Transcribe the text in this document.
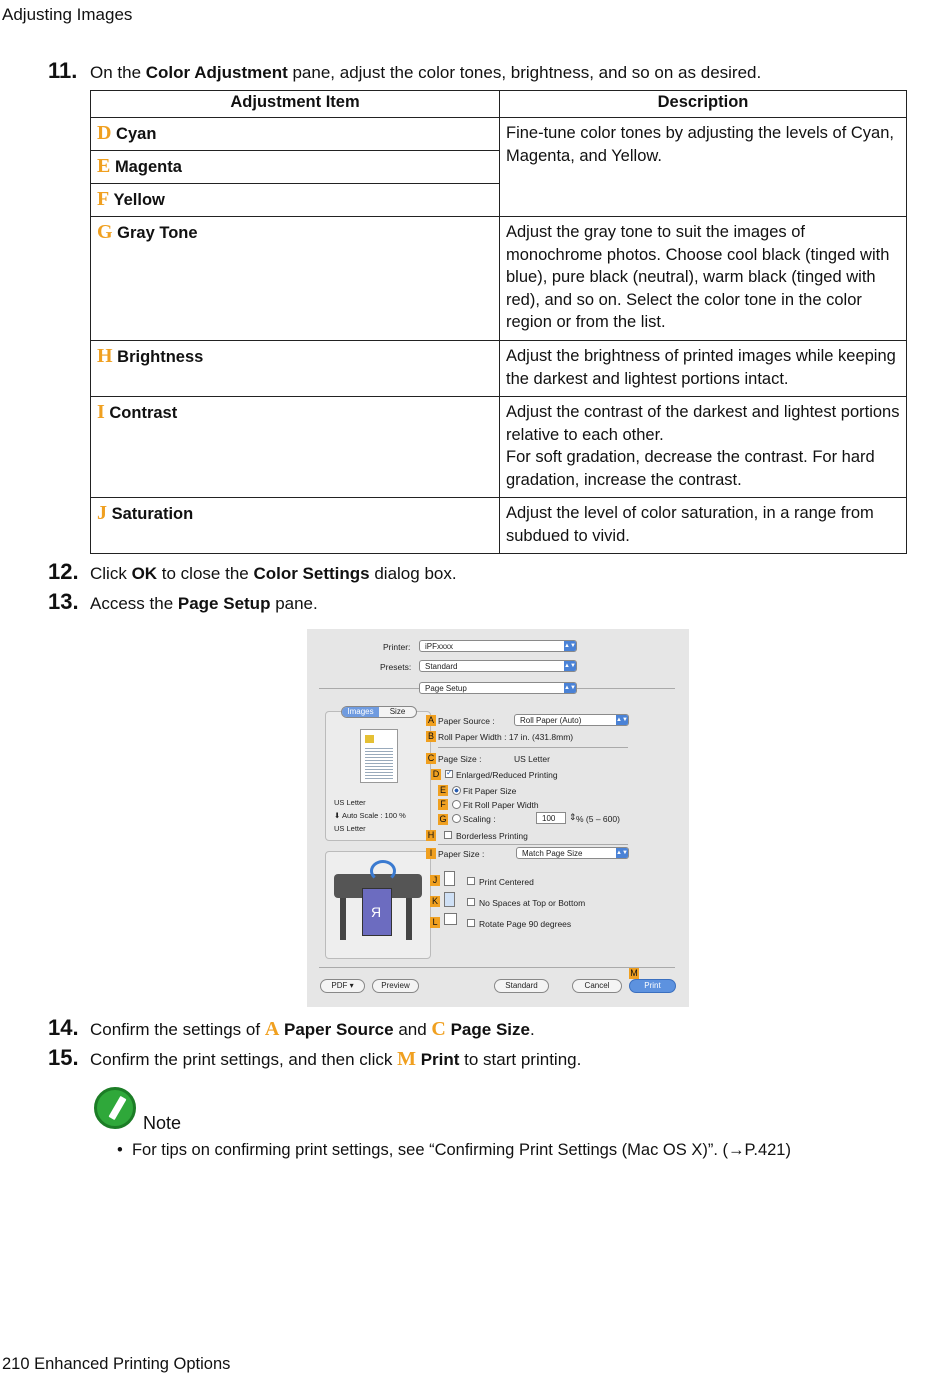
Adjusting Images
11. On the Color Adjustment pane, adjust the color tones, brightness, and so on as desired.
Adjustment Item	Description
D Cyan	Fine-tune color tones by adjusting the levels of Cyan, Magenta, and Yellow.
E Magenta	
F Yellow	
G Gray Tone	Adjust the gray tone to suit the images of monochrome photos. Choose cool black (tinged with blue), pure black (neutral), warm black (tinged with red), and so on. Select the color tone in the color region or from the list.
H Brightness	Adjust the brightness of printed images while keeping the darkest and lightest portions intact.
I Contrast	Adjust the contrast of the darkest and lightest portions relative to each other.
For soft gradation, decrease the contrast. For hard gradation, increase the contrast.

J Saturation	Adjust the level of color saturation, in a range from subdued to vivid.
12. Click OK to close the Color Settings dialog box.
13. Access the Page Setup pane.
Printer:	iPFxxxx	▲▼
Presets:	Standard	▲▼
Page Setup	▲▼
Images	Size
US Letter
⬇ Auto Scale : 100 %
US Letter
R
A Paper Source :	Roll Paper (Auto)	▲▼
B Roll Paper Width : 17 in. (431.8mm)
C Page Size :	US Letter
D ✓ Enlarged/Reduced Printing
E Fit Paper Size
F Fit Roll Paper Width
G Scaling :	100	⇕ % (5 – 600)
H	Borderless Printing
I Paper Size :	Match Page Size	▲▼
J	Print Centered
K	No Spaces at Top or Bottom
L	Rotate Page 90 degrees
M
PDF ▾	Preview	Standard	Cancel	Print
14. Confirm the settings of A Paper Source and C Page Size.
15. Confirm the print settings, and then click M Print to start printing.
Note
• For tips on confirming print settings, see “Confirming Print Settings (Mac OS X)”. (→P.421)
210 Enhanced Printing Options
